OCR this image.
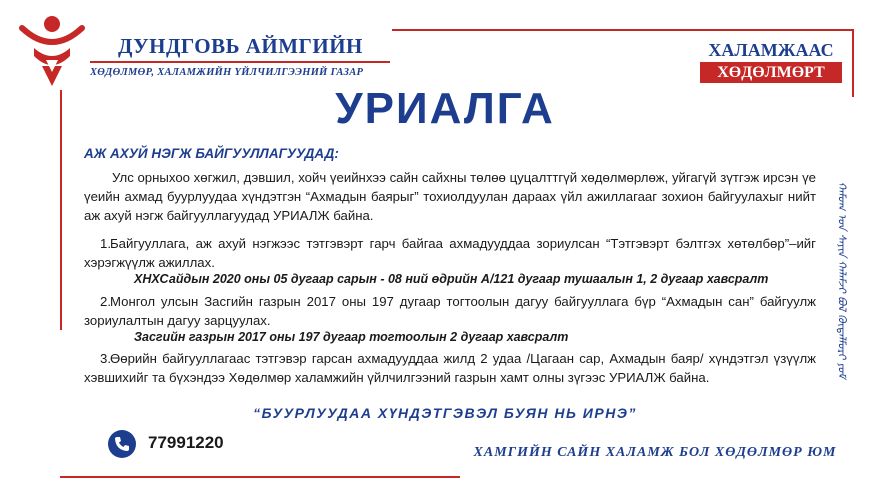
ДУНДГОВЬ АЙМГИЙН
ХӨДӨЛМӨР, ХАЛАМЖИЙН ҮЙЛЧИЛГЭЭНИЙ ГАЗАР
ХАЛАМЖААС
ХӨДӨЛМӨРТ
УРИАЛГА
АЖ АХУЙ НЭГЖ БАЙГУУЛЛАГУУДАД:
Улс орныхоо хөгжил, дэвшил, хойч үеийнхээ сайн сайхны төлөө цуцалттгүй хөдөлмөрлөж, уйгагүй зүтгэж ирсэн үе үеийн ахмад буурлуудаа хүндэтгэн “Ахмадын баярыг” тохиолдуулан дараах үйл ажиллагааг зохион байгуулахыг нийт аж ахуй нэгж байгууллагуудад УРИАЛЖ байна.
1.Байгууллага, аж ахуй нэгжээс тэтгэвэрт гарч байгаа ахмадууддаа зориулсан “Тэтгэвэрт бэлтгэх хөтөлбөр”–ийг хэрэгжүүлж ажиллах.
ХНХСайдын 2020 оны 05 дугаар сарын - 08 ний өдрийн А/121 дугаар тушаалын 1, 2 дугаар хавсралт
2.Монгол улсын Засгийн газрын 2017 оны 197 дугаар тогтоолын дагуу байгууллага бүр “Ахмадын сан” байгуулж зориулалтын дагуу зарцуулах.
Засгийн газрын 2017 оны 197 дугаар тогтоолын 2 дугаар хавсралт
3.Өөрийн байгууллагаас тэтгэвэр гарсан ахмадууддаа жилд 2 удаа /Цагаан сар, Ахмадын баяр/ хүндэтгэл үзүүлж хэвшихийг та бүхэндээ Хөдөлмөр халамжийн үйлчилгээний газрын хамт олны зүгээс УРИАЛЖ байна.
“БУУРЛУУДАА ХҮНДЭТГЭВЭЛ БУЯН НЬ ИРНЭ”
77991220
ХАМГИЙН САЙН ХАЛАМЖ БОЛ ХӨДӨЛМӨР ЮМ
ᠬᠠᠮᠤᠭ ᠤᠨ ᠰᠠᠶᠢᠨ ᠬᠠᠯᠠᠮᠵᠢ ᠪᠣᠯ ᠬᠥᠳᠡᠯᠮᠦᠷᠢ ᠶᠤᠮ
